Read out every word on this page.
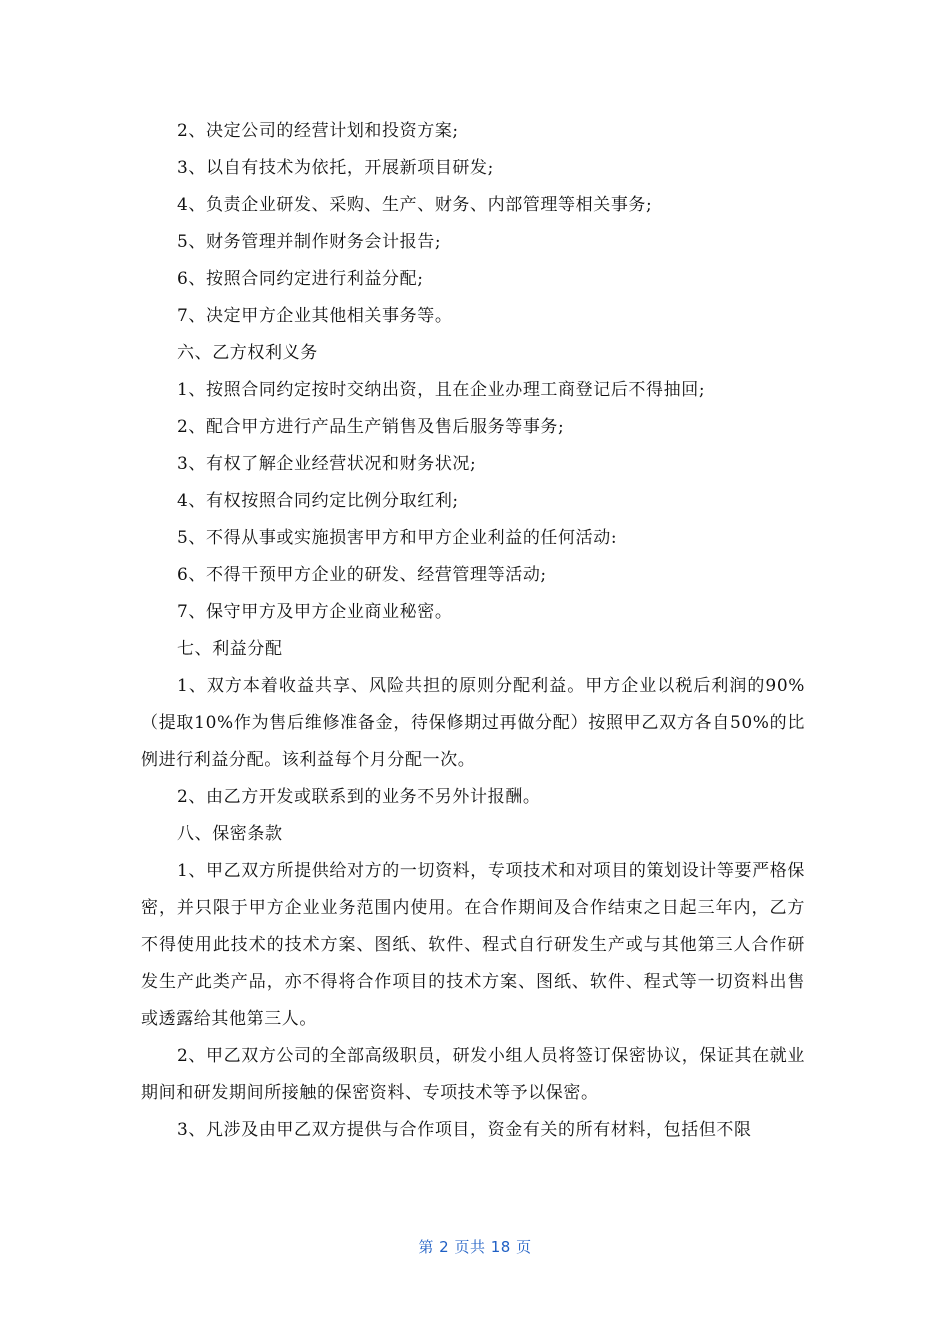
2、决定公司的经营计划和投资方案;

3、以自有技术为依托，开展新项目研发;

4、负责企业研发、采购、生产、财务、内部管理等相关事务;

5、财务管理并制作财务会计报告;

6、按照合同约定进行利益分配;

7、决定甲方企业其他相关事务等。

六、乙方权利义务

1、按照合同约定按时交纳出资，且在企业办理工商登记后不得抽回;

2、配合甲方进行产品生产销售及售后服务等事务;

3、有权了解企业经营状况和财务状况;

4、有权按照合同约定比例分取红利;

5、不得从事或实施损害甲方和甲方企业利益的任何活动:

6、不得干预甲方企业的研发、经营管理等活动;

7、保守甲方及甲方企业商业秘密。

七、利益分配

1、双方本着收益共享、风险共担的原则分配利益。甲方企业以税后利润的90%（提取10%作为售后维修准备金，待保修期过再做分配）按照甲乙双方各自50%的比例进行利益分配。该利益每个月分配一次。

2、由乙方开发或联系到的业务不另外计报酬。

八、保密条款

1、甲乙双方所提供给对方的一切资料，专项技术和对项目的策划设计等要严格保密，并只限于甲方企业业务范围内使用。在合作期间及合作结束之日起三年内，乙方不得使用此技术的技术方案、图纸、软件、程式自行研发生产或与其他第三人合作研发生产此类产品，亦不得将合作项目的技术方案、图纸、软件、程式等一切资料出售或透露给其他第三人。

2、甲乙双方公司的全部高级职员，研发小组人员将签订保密协议，保证其在就业期间和研发期间所接触的保密资料、专项技术等予以保密。

3、凡涉及由甲乙双方提供与合作项目，资金有关的所有材料，包括但不限

第 2 页共 18 页
